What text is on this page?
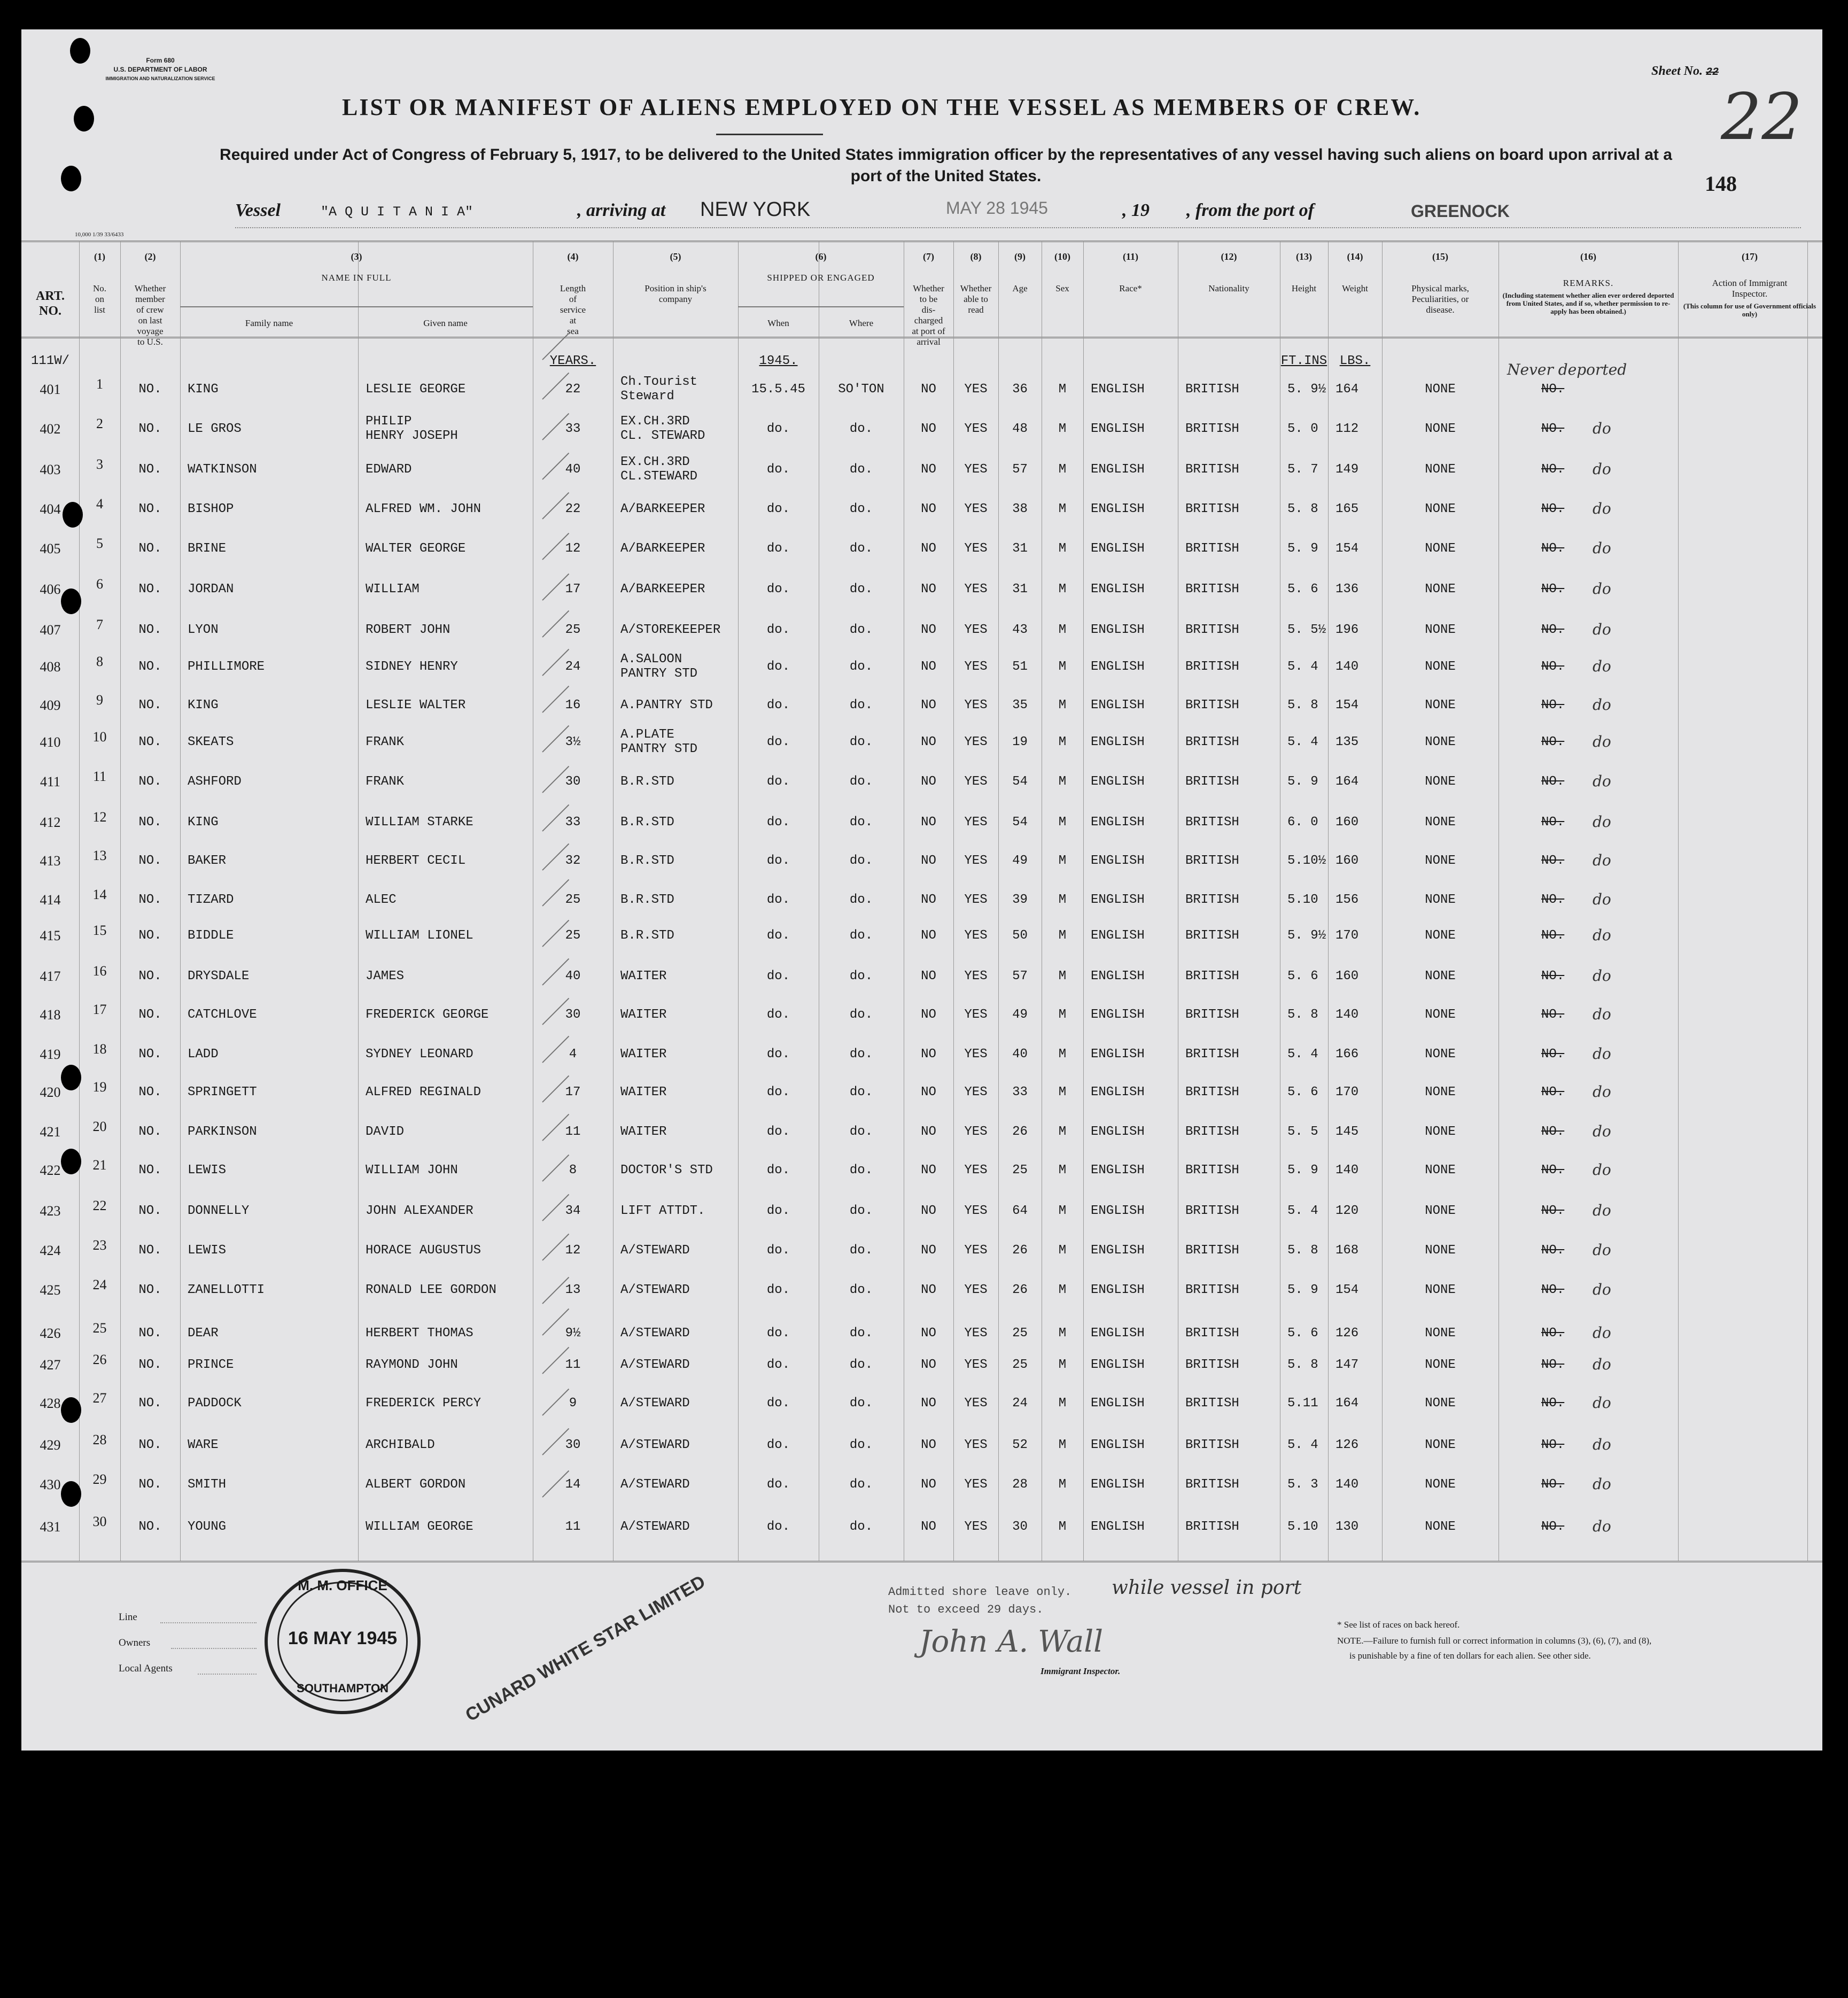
Form 680
U.S. DEPARTMENT OF LABOR
IMMIGRATION AND NATURALIZATION SERVICE
Sheet No. 22
22
LIST OR MANIFEST OF ALIENS EMPLOYED ON THE VESSEL AS MEMBERS OF CREW.
Required under Act of Congress of February 5, 1917, to be delivered to the United States immigration officer by the representatives of any vessel having such aliens on board upon arrival at a port of the United States.	148
Vessel	"A Q U I T A N I A"	, arriving at NEW YORK	MAY 28 1945	, 19 , from the port of	GREENOCK
10,000 1/39 33/6433
ART.
NO.
(1)
No.
on
list
(2)
Whether
member
of crew
on last
voyage
to U.S.
(3)
NAME IN FULL
Family name	Given name
(4)
Length
of
service
at
sea
(5)
Position in ship's
company
(6)
SHIPPED OR ENGAGED
When	Where
(7)
Whether
to be
dis-
charged
at port of
arrival
(8)
Whether
able to
read
(9)
Age
(10)
Sex
(11)
Race*
(12)
Nationality
(13)
Height
(14)
Weight
(15)
Physical marks,
Peculiarities, or
disease.
(16)
REMARKS.
(Including statement whether alien ever ordered deported from United States, and if so, whether permission to re-apply has been obtained.)
(17)
Action of Immigrant
Inspector.
(This column for use of Government officials only)
111W/	YEARS.	1945.	FT.INS LBS.
401	1	NO.	KING	LESLIE GEORGE	22
Ch.Tourist
Steward	15.5.45	SO'TON	NO	YES	36	M	ENGLISH	BRITISH	5. 9½ 164	NONE	NO.
Never deported
402	2	NO.	LE GROS
PHILIP
HENRY JOSEPH	33
EX.CH.3RD
CL. STEWARD	do.	do.	NO	YES	48	M	ENGLISH	BRITISH	5. 0	112	NONE	NO.	do
403	3	NO.	WATKINSON	EDWARD	40
EX.CH.3RD
CL.STEWARD	do.	do.	NO	YES	57	M	ENGLISH	BRITISH	5. 7	149	NONE	NO.	do
404	4	NO.	BISHOP	ALFRED WM. JOHN	22	A/BARKEEPER	do.	do.	NO	YES	38	M	ENGLISH	BRITISH	5. 8	165	NONE	NO.	do
405	5	NO.	BRINE	WALTER GEORGE	12	A/BARKEEPER	do.	do.	NO	YES	31	M	ENGLISH	BRITISH	5. 9	154	NONE	NO.	do
406	6	NO.	JORDAN	WILLIAM	17	A/BARKEEPER	do.	do.	NO	YES	31	M	ENGLISH	BRITISH	5. 6	136	NONE	NO.	do
407	7	NO.	LYON	ROBERT JOHN	25	A/STOREKEEPER	do.	do.	NO	YES	43	M	ENGLISH	BRITISH	5. 5½ 196	NONE	NO.	do
408	8	NO.	PHILLIMORE	SIDNEY HENRY	24
A.SALOON
PANTRY STD	do.	do.	NO	YES	51	M	ENGLISH	BRITISH	5. 4	140	NONE	NO.	do
409	9	NO.	KING	LESLIE WALTER	16	A.PANTRY STD	do.	do.	NO	YES	35	M	ENGLISH	BRITISH	5. 8	154	NONE	NO.	do
410	10	NO.	SKEATS	FRANK	3½
A.PLATE
PANTRY STD	do.	do.	NO	YES	19	M	ENGLISH	BRITISH	5. 4	135	NONE	NO.	do
411	11	NO.	ASHFORD	FRANK	30	B.R.STD	do.	do.	NO	YES	54	M	ENGLISH	BRITISH	5. 9	164	NONE	NO.	do
412	12	NO.	KING	WILLIAM STARKE	33	B.R.STD	do.	do.	NO	YES	54	M	ENGLISH	BRITISH	6. 0	160	NONE	NO.	do
413	13	NO.	BAKER	HERBERT CECIL	32	B.R.STD	do.	do.	NO	YES	49	M	ENGLISH	BRITISH	5.10½ 160	NONE	NO.	do
414	14	NO.	TIZARD	ALEC	25	B.R.STD	do.	do.	NO	YES	39	M	ENGLISH	BRITISH	5.10	156	NONE	NO.	do
415	15	NO.	BIDDLE	WILLIAM LIONEL	25	B.R.STD	do.	do.	NO	YES	50	M	ENGLISH	BRITISH	5. 9½ 170	NONE	NO.	do
417	16	NO.	DRYSDALE	JAMES	40	WAITER	do.	do.	NO	YES	57	M	ENGLISH	BRITISH	5. 6	160	NONE	NO.	do
418	17	NO.	CATCHLOVE	FREDERICK GEORGE	30	WAITER	do.	do.	NO	YES	49	M	ENGLISH	BRITISH	5. 8	140	NONE	NO.	do
419	18	NO.	LADD	SYDNEY LEONARD	4	WAITER	do.	do.	NO	YES	40	M	ENGLISH	BRITISH	5. 4	166	NONE	NO.	do
420	19	NO.	SPRINGETT	ALFRED REGINALD	17	WAITER	do.	do.	NO	YES	33	M	ENGLISH	BRITISH	5. 6	170	NONE	NO.	do
421	20	NO.	PARKINSON	DAVID	11	WAITER	do.	do.	NO	YES	26	M	ENGLISH	BRITISH	5. 5	145	NONE	NO.	do
422	21	NO.	LEWIS	WILLIAM JOHN	8	DOCTOR'S STD	do.	do.	NO	YES	25	M	ENGLISH	BRITISH	5. 9	140	NONE	NO.	do
423	22	NO.	DONNELLY	JOHN ALEXANDER	34	LIFT ATTDT.	do.	do.	NO	YES	64	M	ENGLISH	BRITISH	5. 4	120	NONE	NO.	do
424	23	NO.	LEWIS	HORACE AUGUSTUS	12	A/STEWARD	do.	do.	NO	YES	26	M	ENGLISH	BRITISH	5. 8	168	NONE	NO.	do
425	24	NO.	ZANELLOTTI	RONALD LEE GORDON	13	A/STEWARD	do.	do.	NO	YES	26	M	ENGLISH	BRITISH	5. 9	154	NONE	NO.	do
426	25	NO.	DEAR	HERBERT THOMAS	9½	A/STEWARD	do.	do.	NO	YES	25	M	ENGLISH	BRITISH	5. 6	126	NONE	NO.	do
427	26	NO.	PRINCE	RAYMOND JOHN	11	A/STEWARD	do.	do.	NO	YES	25	M	ENGLISH	BRITISH	5. 8	147	NONE	NO.	do
428	27	NO.	PADDOCK	FREDERICK PERCY	9	A/STEWARD	do.	do.	NO	YES	24	M	ENGLISH	BRITISH	5.11	164	NONE	NO.	do
429	28	NO.	WARE	ARCHIBALD	30	A/STEWARD	do.	do.	NO	YES	52	M	ENGLISH	BRITISH	5. 4	126	NONE	NO.	do
430	29	NO.	SMITH	ALBERT GORDON	14	A/STEWARD	do.	do.	NO	YES	28	M	ENGLISH	BRITISH	5. 3	140	NONE	NO.	do
431	30	NO.	YOUNG	WILLIAM GEORGE	11	A/STEWARD	do.	do.	NO	YES	30	M	ENGLISH	BRITISH	5.10	130	NONE	NO.	do
M. M. OFFICE
16 MAY 1945
SOUTHAMPTON	CUNARD WHITE STAR LIMITED
Line
Owners
Local Agents
Admitted shore leave only. while vessel in port
Not to exceed 29 days.
John A. Wall
Immigrant Inspector.
* See list of races on back hereof.
NOTE.—Failure to furnish full or correct information in columns (3), (6), (7), and (8),
is punishable by a fine of ten dollars for each alien. See other side.
